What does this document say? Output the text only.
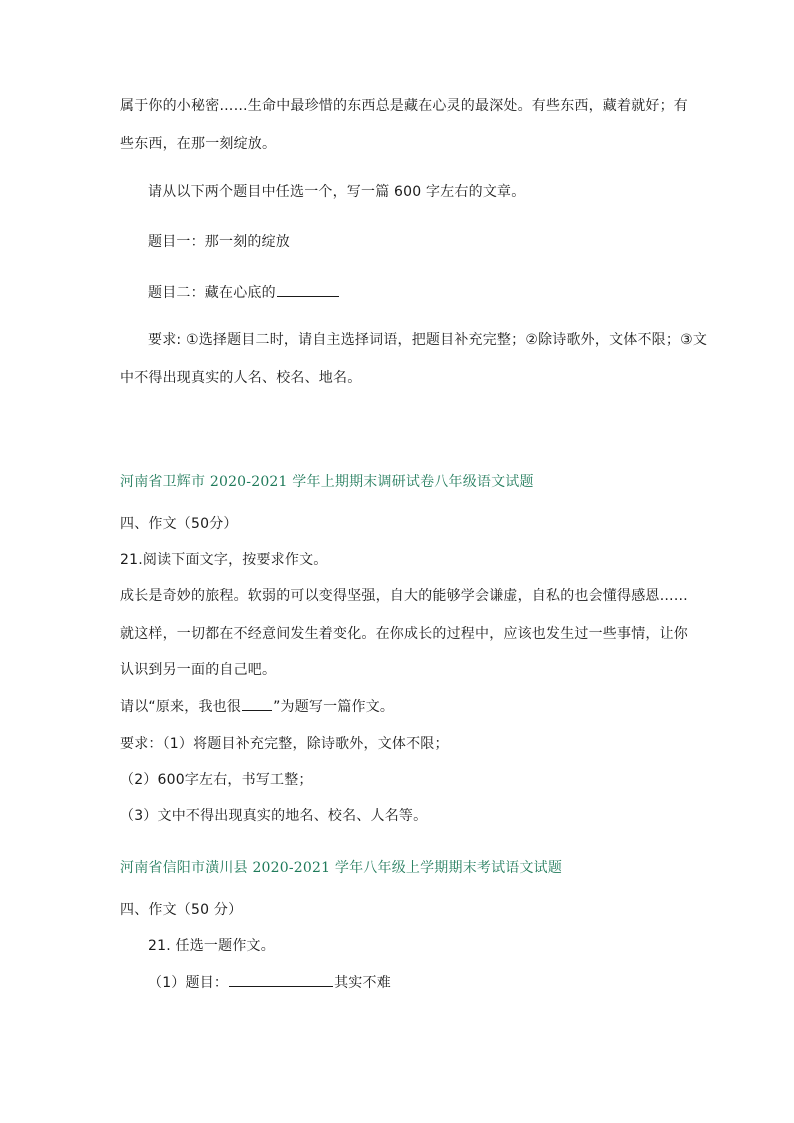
属于你的小秘密……生命中最珍惜的东西总是藏在心灵的最深处。有些东西，藏着就好；有
些东西，在那一刻绽放。
请从以下两个题目中任选一个，写一篇 600 字左右的文章。
题目一：那一刻的绽放
题目二：藏在心底的
要求: ①选择题目二时，请自主选择词语，把题目补充完整；②除诗歌外，文体不限；③文
中不得出现真实的人名、校名、地名。
河南省卫辉市 2020-2021 学年上期期末调研试卷八年级语文试题
四、作文（50分）
21.阅读下面文字，按要求作文。
成长是奇妙的旅程。软弱的可以变得坚强，自大的能够学会谦虚，自私的也会懂得感恩……
就这样，一切都在不经意间发生着变化。在你成长的过程中，应该也发生过一些事情，让你
认识到另一面的自己吧。
请以“原来，我也很 ”为题写一篇作文。
要求：（1）将题目补充完整，除诗歌外，文体不限；
（2）600字左右，书写工整；
（3）文中不得出现真实的地名、校名、人名等。
河南省信阳市潢川县 2020-2021 学年八年级上学期期末考试语文试题
四、作文（50 分）
21. 任选一题作文。
（1）题目：	其实不难
